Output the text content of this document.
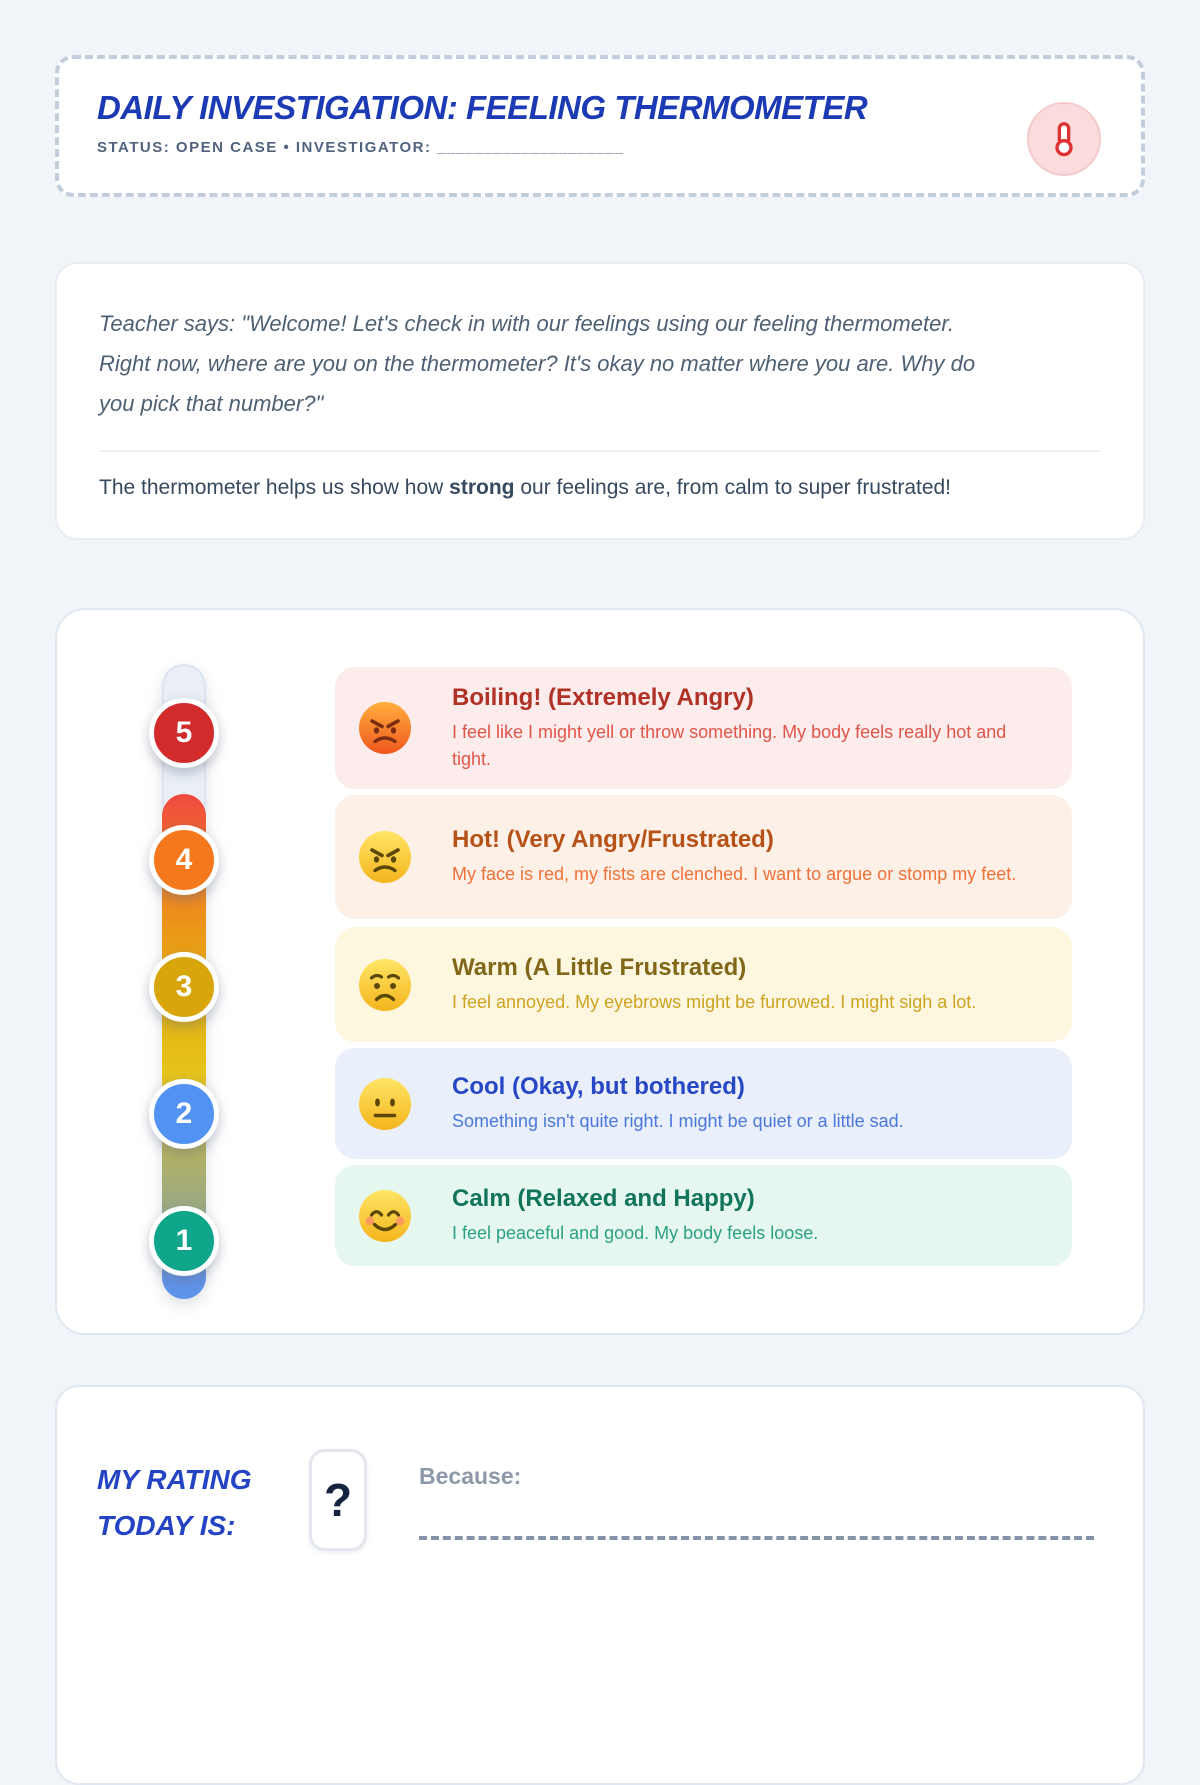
DAILY INVESTIGATION: FEELING THERMOMETER
STATUS: OPEN CASE • INVESTIGATOR: ____________________

Teacher says: "Welcome! Let's check in with our feelings using our feeling thermometer. Right now, where are you on the thermometer? It's okay no matter where you are. Why do you pick that number?"

The thermometer helps us show how strong our feelings are, from calm to super frustrated!

5
4
3
2
1
Boiling! (Extremely Angry)
I feel like I might yell or throw something. My body feels really hot and tight.
Hot! (Very Angry/Frustrated)
My face is red, my fists are clenched. I want to argue or stomp my feet.
Warm (A Little Frustrated)
I feel annoyed. My eyebrows might be furrowed. I might sigh a lot.
Cool (Okay, but bothered)
Something isn't quite right. I might be quiet or a little sad.
Calm (Relaxed and Happy)
I feel peaceful and good. My body feels loose.
MY RATING
TODAY IS:	?	Because:
